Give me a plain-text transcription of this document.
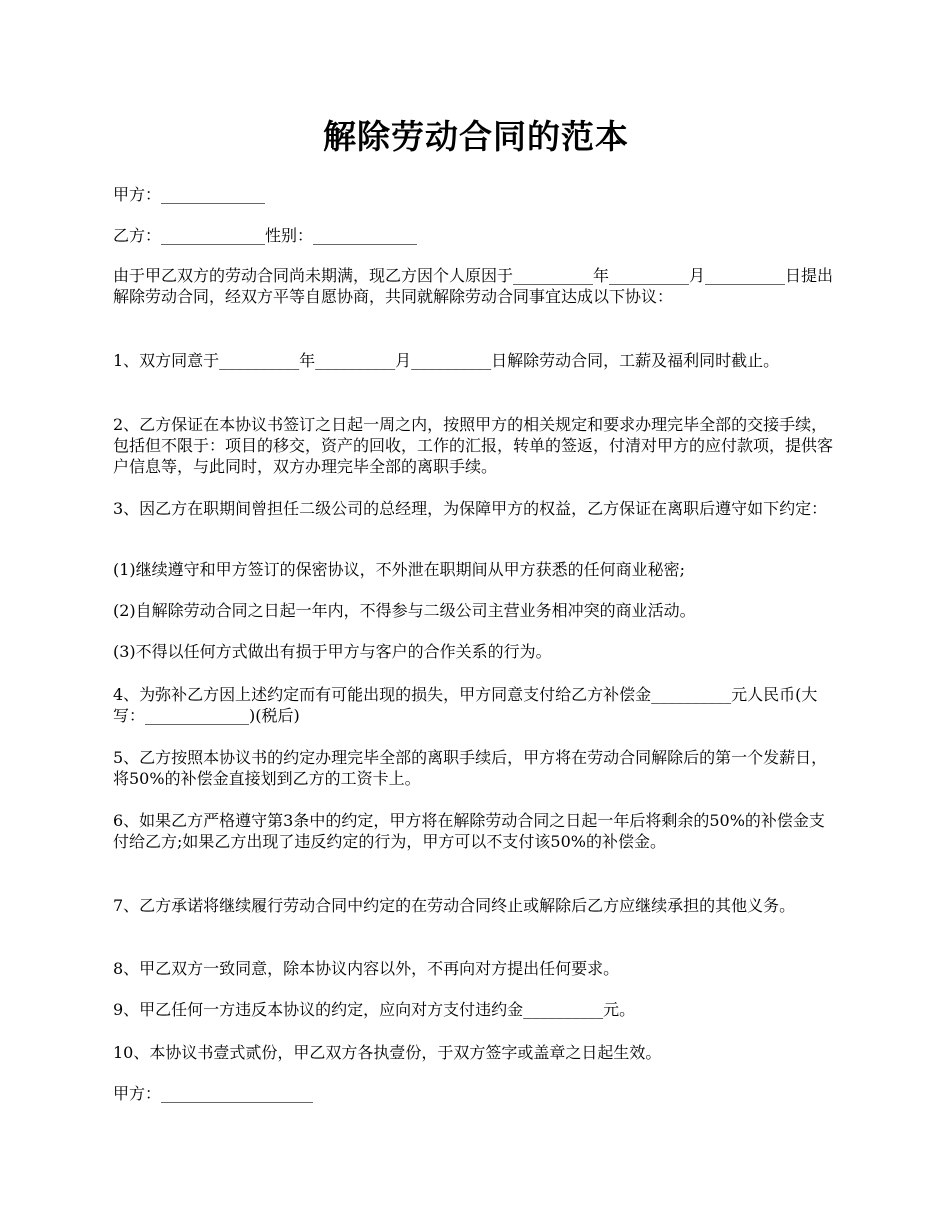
解除劳动合同的范本
甲方：_____________
乙方：_____________性别：_____________
由于甲乙双方的劳动合同尚未期满，现乙方因个人原因于__________年__________月__________日提出解除劳动合同，经双方平等自愿协商，共同就解除劳动合同事宜达成以下协议：
1、双方同意于__________年__________月__________日解除劳动合同，工薪及福利同时截止。
2、乙方保证在本协议书签订之日起一周之内，按照甲方的相关规定和要求办理完毕全部的交接手续，包括但不限于：项目的移交，资产的回收，工作的汇报，转单的签返，付清对甲方的应付款项，提供客户信息等，与此同时，双方办理完毕全部的离职手续。
3、因乙方在职期间曾担任二级公司的总经理，为保障甲方的权益，乙方保证在离职后遵守如下约定：
(1)继续遵守和甲方签订的保密协议，不外泄在职期间从甲方获悉的任何商业秘密;
(2)自解除劳动合同之日起一年内，不得参与二级公司主营业务相冲突的商业活动。
(3)不得以任何方式做出有损于甲方与客户的合作关系的行为。
4、为弥补乙方因上述约定而有可能出现的损失，甲方同意支付给乙方补偿金__________元人民币(大写：_____________)(税后)
5、乙方按照本协议书的约定办理完毕全部的离职手续后，甲方将在劳动合同解除后的第一个发薪日，将50%的补偿金直接划到乙方的工资卡上。
6、如果乙方严格遵守第3条中的约定，甲方将在解除劳动合同之日起一年后将剩余的50%的补偿金支付给乙方;如果乙方出现了违反约定的行为，甲方可以不支付该50%的补偿金。
7、乙方承诺将继续履行劳动合同中约定的在劳动合同终止或解除后乙方应继续承担的其他义务。
8、甲乙双方一致同意，除本协议内容以外，不再向对方提出任何要求。
9、甲乙任何一方违反本协议的约定，应向对方支付违约金__________元。
10、本协议书壹式贰份，甲乙双方各执壹份，于双方签字或盖章之日起生效。
甲方：___________________
